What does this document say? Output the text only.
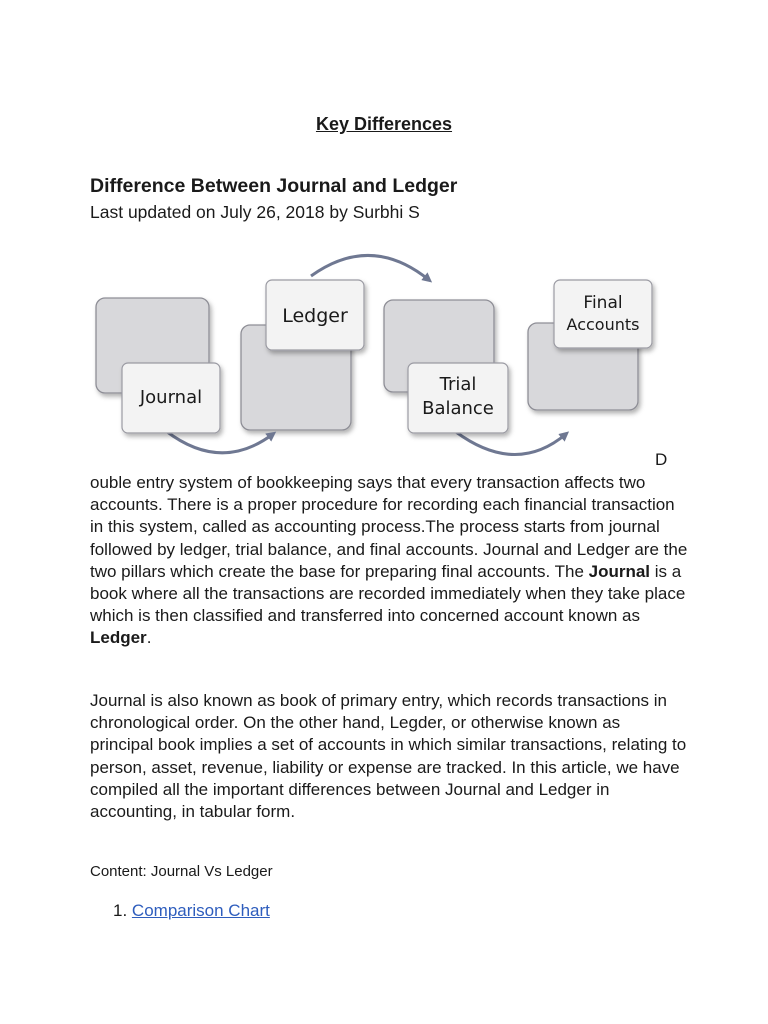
Key Differences
Difference Between Journal and Ledger
Last updated on July 26, 2018 by Surbhi S
Journal
Ledger
Trial
Balance
Final
Accounts
D
ouble entry system of bookkeeping says that every transaction affects two accounts. There is a proper procedure for recording each financial transaction in this system, called as accounting process.The process starts from journal followed by ledger, trial balance, and final accounts. Journal and Ledger are the two pillars which create the base for preparing final accounts. The Journal is a book where all the transactions are recorded immediately when they take place which is then classified and transferred into concerned account known as Ledger.
Journal is also known as book of primary entry, which records transactions in chronological order. On the other hand, Legder, or otherwise known as principal book implies a set of accounts in which similar transactions, relating to person, asset, revenue, liability or expense are tracked. In this article, we have compiled all the important differences between Journal and Ledger in accounting, in tabular form.
Content: Journal Vs Ledger
1. Comparison Chart
